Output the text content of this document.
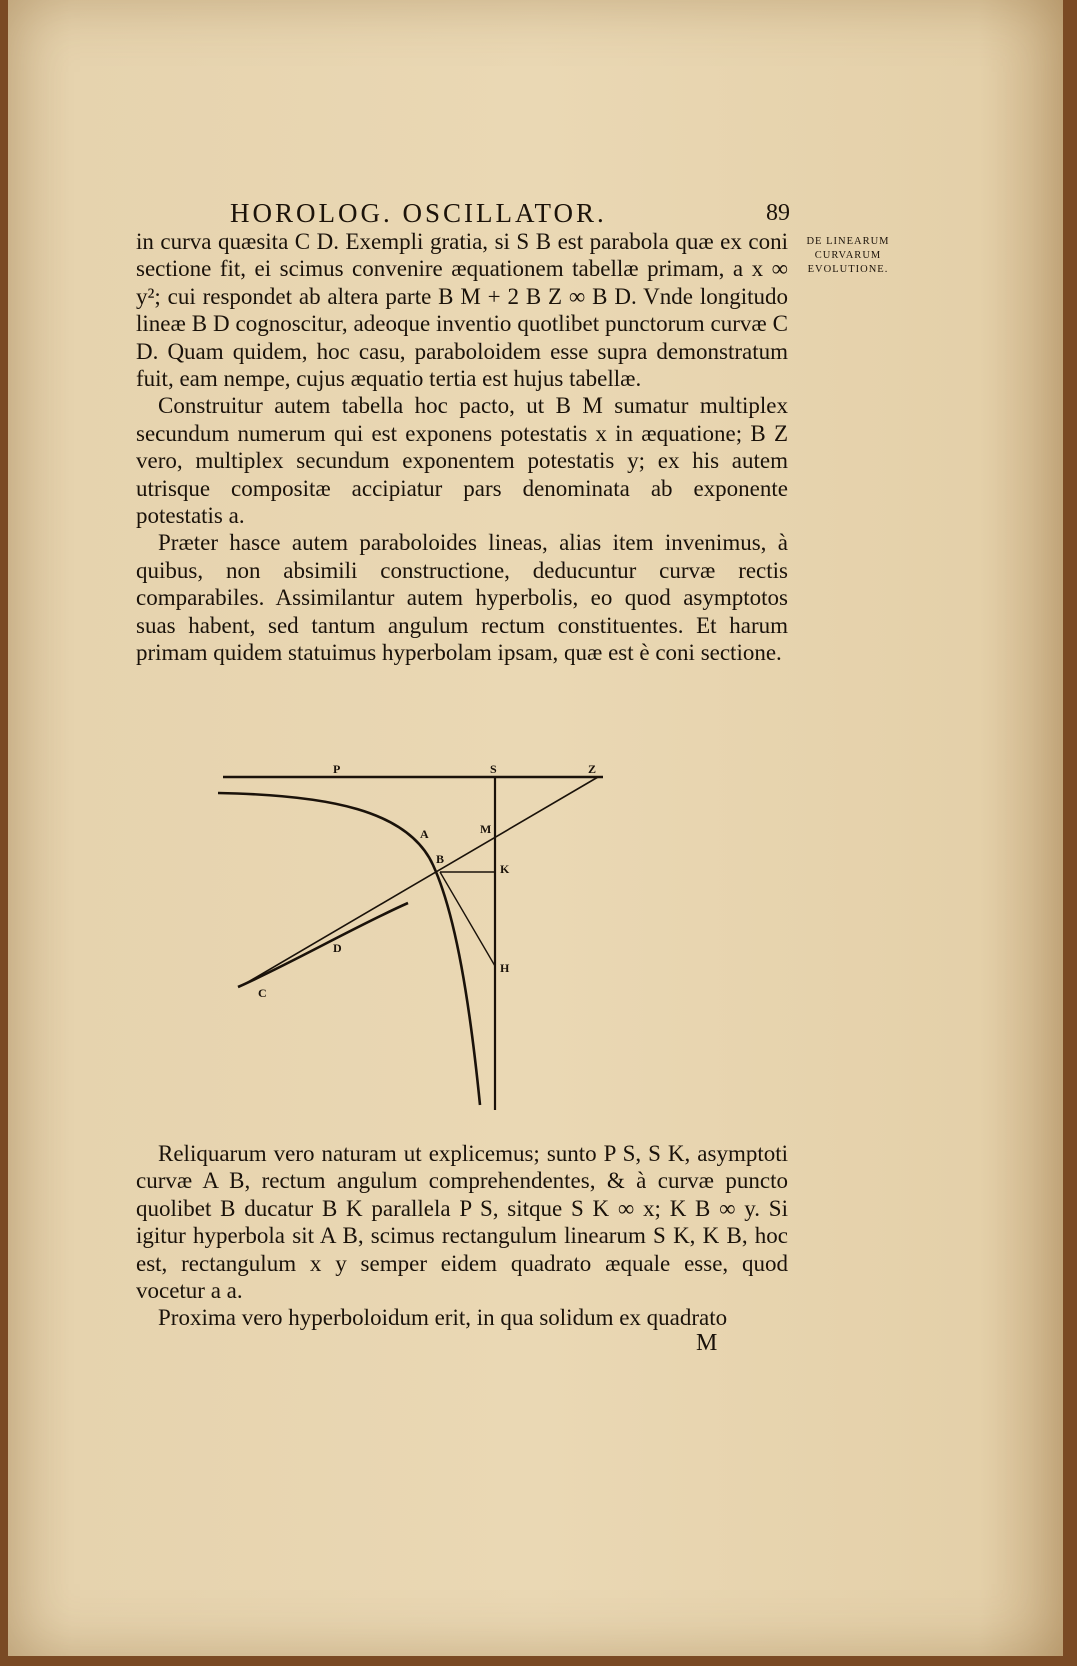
HOROLOG. OSCILLATOR.	89
DE LINEARUM
CURVARUM
EVOLUTIONE.

in curva quæsita C D. Exempli gratia, si S B est parabola quæ ex coni sectione fit, ei scimus convenire æquationem tabellæ primam, a x ∞ y²; cui respondet ab altera parte B M + 2 B Z ∞ B D. Vnde longitudo lineæ B D cognoscitur, adeoque inventio quotlibet punctorum curvæ C D. Quam quidem, hoc casu, paraboloidem esse supra demonstratum fuit, eam nempe, cujus æquatio tertia est hujus tabellæ.

Construitur autem tabella hoc pacto, ut B M sumatur multiplex secundum numerum qui est exponens potestatis x in æquatione; B Z vero, multiplex secundum exponentem potestatis y; ex his autem utrisque compositæ accipiatur pars denominata ab exponente potestatis a.

Præter hasce autem paraboloides lineas, alias item invenimus, à quibus, non absimili constructione, deducuntur curvæ rectis comparabiles. Assimilantur autem hyperbolis, eo quod asymptotos suas habent, sed tantum angulum rectum constituentes. Et harum primam quidem statuimus hyperbolam ipsam, quæ est è coni sectione.

P	S	Z
A	M
B
K
D
H
C

Reliquarum vero naturam ut explicemus; sunto P S, S K, asymptoti curvæ A B, rectum angulum comprehendentes, & à curvæ puncto quolibet B ducatur B K parallela P S, sitque S K ∞ x; K B ∞ y. Si igitur hyperbola sit A B, scimus rectangulum linearum S K, K B, hoc est, rectangulum x y semper eidem quadrato æquale esse, quod vocetur a a.

Proxima vero hyperboloidum erit, in qua solidum ex quadrato

M
